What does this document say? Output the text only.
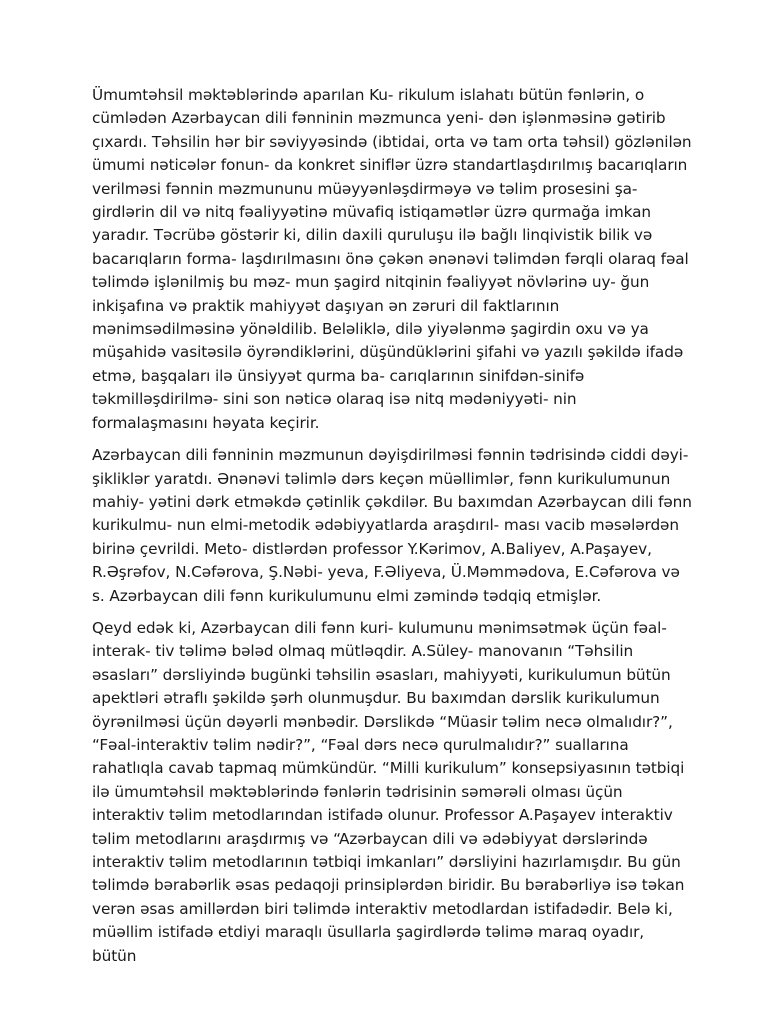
Ümumtəhsil məktəblərində aparılan Ku- rikulum islahatı bütün fənlərin, o cümlədən Azərbaycan dili fənninin məzmunca yeni- dən işlənməsinə gətirib çıxardı. Təhsilin hər bir səviyyəsində (ibtidai, orta və tam orta təhsil) gözlənilən ümumi nəticələr fonun- da konkret siniflər üzrə standartlaşdırılmış bacarıqların verilməsi fənnin məzmununu müəyyənləşdirməyə və təlim prosesini şa- girdlərin dil və nitq fəaliyyətinə müvafiq istiqamətlər üzrə qurmağa imkan yaradır. Təcrübə göstərir ki, dilin daxili quruluşu ilə bağlı linqivistik bilik və bacarıqların forma- laşdırılmasını önə çəkən ənənəvi təlimdən fərqli olaraq fəal təlimdə işlənilmiş bu məz- mun şagird nitqinin fəaliyyət növlərinə uy- ğun inkişafına və praktik mahiyyət daşıyan ən zəruri dil faktlarının mənimsədilməsinə yönəldilib. Beləliklə, dilə yiyələnmə şagirdin oxu və ya müşahidə vasitəsilə öyrəndiklərini, düşündüklərini şifahi və yazılı şəkildə ifadə etmə, başqaları ilə ünsiyyət qurma ba- carıqlarının sinifdən-sinifə təkmilləşdirilmə- sini son nəticə olaraq isə nitq mədəniyyəti- nin formalaşmasını həyata keçirir.

Azərbaycan dili fənninin məzmunun dəyişdirilməsi fənnin tədrisində ciddi dəyi- şikliklər yaratdı. Ənənəvi təlimlə dərs keçən müəllimlər, fənn kurikulumunun mahiy- yətini dərk etməkdə çətinlik çəkdilər. Bu baxımdan Azərbaycan dili fənn kurikulmu- nun elmi-metodik ədəbiyyatlarda araşdırıl- ması vacib məsələrdən birinə çevrildi. Meto- distlərdən professor Y.Kərimov, A.Baliyev, A.Paşayev, R.Əşrəfov, N.Cəfərova, Ş.Nəbi- yeva, F.Əliyeva, Ü.Məmmədova, E.Cəfərova və s. Azərbaycan dili fənn kurikulumunu elmi zəmində tədqiq etmişlər.

Qeyd edək ki, Azərbaycan dili fənn kuri- kulumunu mənimsətmək üçün fəal-interak- tiv təlimə bələd olmaq mütləqdir. A.Süley- manovanın “Təhsilin əsasları” dərsliyində bugünki təhsilin əsasları, mahiyyəti, kurikulumun bütün apektləri ətraflı şəkildə şərh olunmuşdur. Bu baxımdan dərslik kurikulumun öyrənilməsi üçün dəyərli mənbədir. Dərslikdə “Müasir təlim necə olmalıdır?”, “Fəal-interaktiv təlim nədir?”, “Fəal dərs necə qurulmalıdır?” suallarına rahatlıqla cavab tapmaq mümkündür. “Milli kurikulum” konsepsiyasının tətbiqi ilə ümumtəhsil məktəblərində fənlərin tədrisinin səmərəli olması üçün interaktiv təlim metodlarından istifadə olunur. Professor A.Paşayev interaktiv təlim metodlarını araşdırmış və “Azərbaycan dili və ədəbiyyat dərslərində interaktiv təlim metodlarının tətbiqi imkanları” dərsliyini hazırlamışdır. Bu gün təlimdə bərabərlik əsas pedaqoji prinsiplərdən biridir. Bu bərabərliyə isə təkan verən əsas amillərdən biri təlimdə interaktiv metodlardan istifadədir. Belə ki, müəllim istifadə etdiyi maraqlı üsullarla şagirdlərdə təlimə maraq oyadır, bütün
